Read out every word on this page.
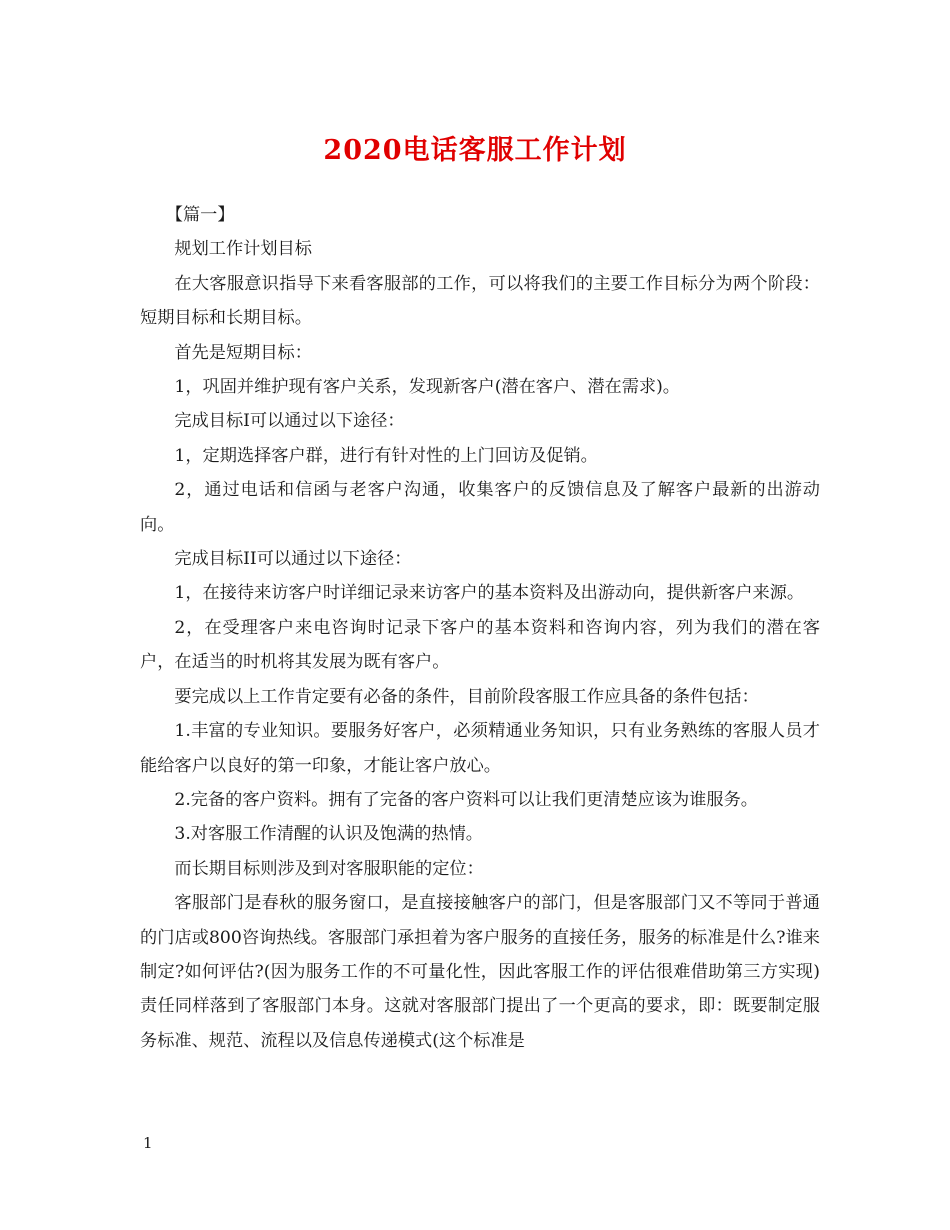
2020电话客服工作计划

【篇一】

规划工作计划目标

在大客服意识指导下来看客服部的工作，可以将我们的主要工作目标分为两个阶段：短期目标和长期目标。

首先是短期目标：

1，巩固并维护现有客户关系，发现新客户(潜在客户、潜在需求)。

完成目标I可以通过以下途径：

1，定期选择客户群，进行有针对性的上门回访及促销。

2，通过电话和信函与老客户沟通，收集客户的反馈信息及了解客户最新的出游动向。

完成目标II可以通过以下途径：

1，在接待来访客户时详细记录来访客户的基本资料及出游动向，提供新客户来源。

2，在受理客户来电咨询时记录下客户的基本资料和咨询内容，列为我们的潜在客户，在适当的时机将其发展为既有客户。

要完成以上工作肯定要有必备的条件，目前阶段客服工作应具备的条件包括：

1.丰富的专业知识。要服务好客户，必须精通业务知识，只有业务熟练的客服人员才能给客户以良好的第一印象，才能让客户放心。

2.完备的客户资料。拥有了完备的客户资料可以让我们更清楚应该为谁服务。

3.对客服工作清醒的认识及饱满的热情。

而长期目标则涉及到对客服职能的定位：

客服部门是春秋的服务窗口，是直接接触客户的部门，但是客服部门又不等同于普通的门店或800咨询热线。客服部门承担着为客户服务的直接任务，服务的标准是什么?谁来制定?如何评估?(因为服务工作的不可量化性，因此客服工作的评估很难借助第三方实现)责任同样落到了客服部门本身。这就对客服部门提出了一个更高的要求，即：既要制定服务标准、规范、流程以及信息传递模式(这个标准是

1
